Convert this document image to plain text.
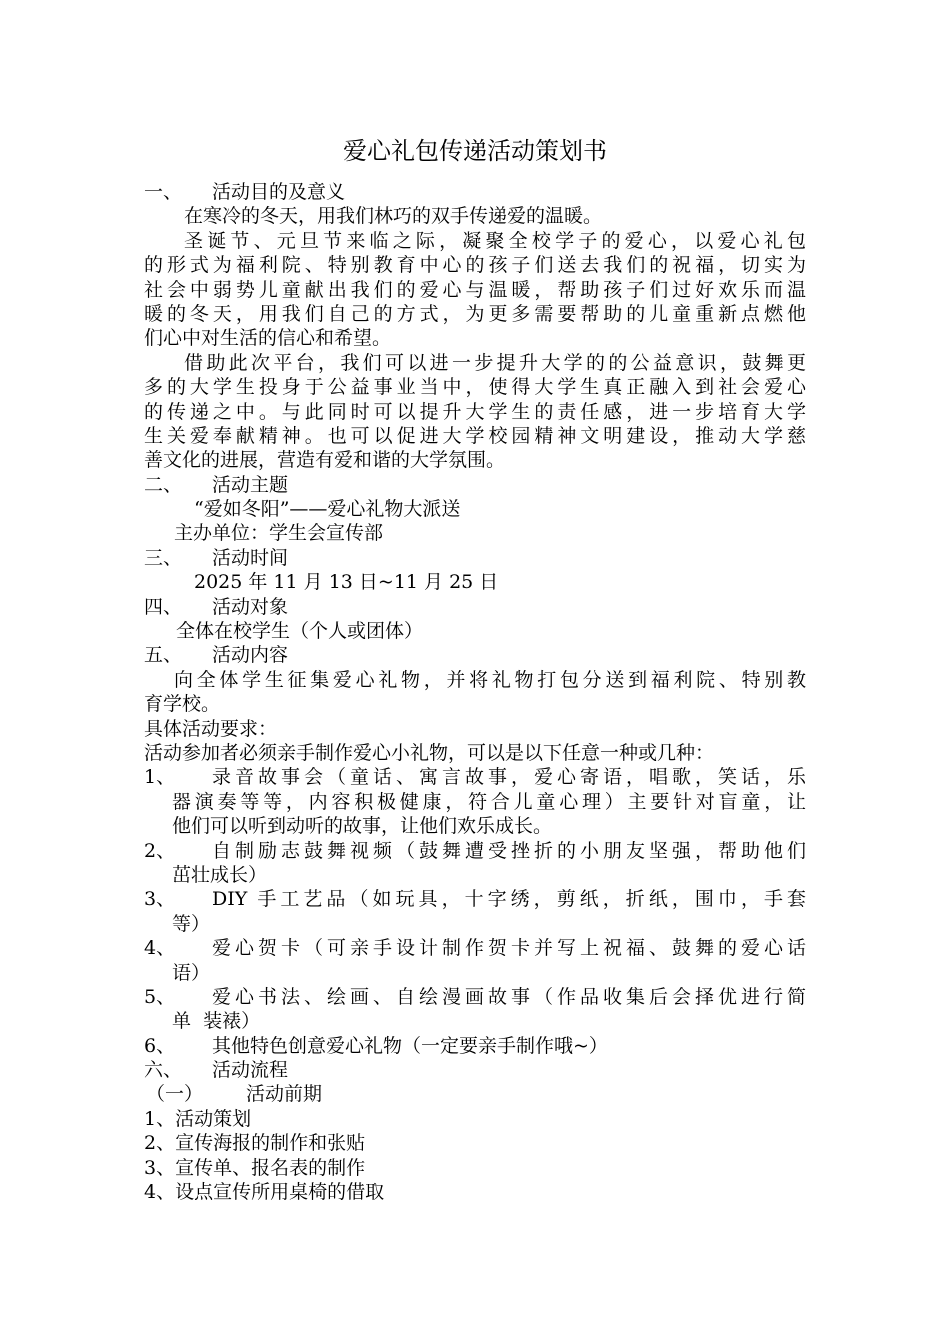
爱心礼包传递活动策划书
一、	活动目的及意义
在寒冷的冬天，用我们林巧的双手传递爱的温暖。
圣诞节、元旦节来临之际，凝聚全校学子的爱心，以爱心礼包
的形式为福利院、特别教育中心的孩子们送去我们的祝福，切实为
社会中弱势儿童献出我们的爱心与温暖，帮助孩子们过好欢乐而温
暖的冬天，用我们自己的方式，为更多需要帮助的儿童重新点燃他
们心中对生活的信心和希望。
借助此次平台，我们可以进一步提升大学的的公益意识，鼓舞更
多的大学生投身于公益事业当中，使得大学生真正融入到社会爱心
的传递之中。与此同时可以提升大学生的责任感，进一步培育大学
生关爱奉献精神。也可以促进大学校园精神文明建设，推动大学慈
善文化的进展，营造有爱和谐的大学氛围。
二、	活动主题
“爱如冬阳”——爱心礼物大派送
主办单位：学生会宣传部
三、	活动时间
2025 年 11 月 13 日~11 月 25 日
四、	活动对象
全体在校学生（个人或团体）
五、	活动内容
向全体学生征集爱心礼物，并将礼物打包分送到福利院、特别教
育学校。
具体活动要求：
活动参加者必须亲手制作爱心小礼物，可以是以下任意一种或几种：
1、	录音故事会（童话、寓言故事，爱心寄语，唱歌，笑话，乐
器演奏等等，内容积极健康，符合儿童心理）主要针对盲童，让
他们可以听到动听的故事，让他们欢乐成长。
2、	自制励志鼓舞视频（鼓舞遭受挫折的小朋友坚强，帮助他们
茁壮成长）
3、	DIY 手工艺品（如玩具，十字绣，剪纸，折纸，围巾，手套
等）
4、	爱心贺卡（可亲手设计制作贺卡并写上祝福、鼓舞的爱心话
语）
5、	爱心书法、绘画、自绘漫画故事（作品收集后会择优进行简
单  装裱）
6、	其他特色创意爱心礼物（一定要亲手制作哦~）
六、	活动流程
（一）	活动前期
1、活动策划
2、宣传海报的制作和张贴
3、宣传单、报名表的制作
4、设点宣传所用桌椅的借取
